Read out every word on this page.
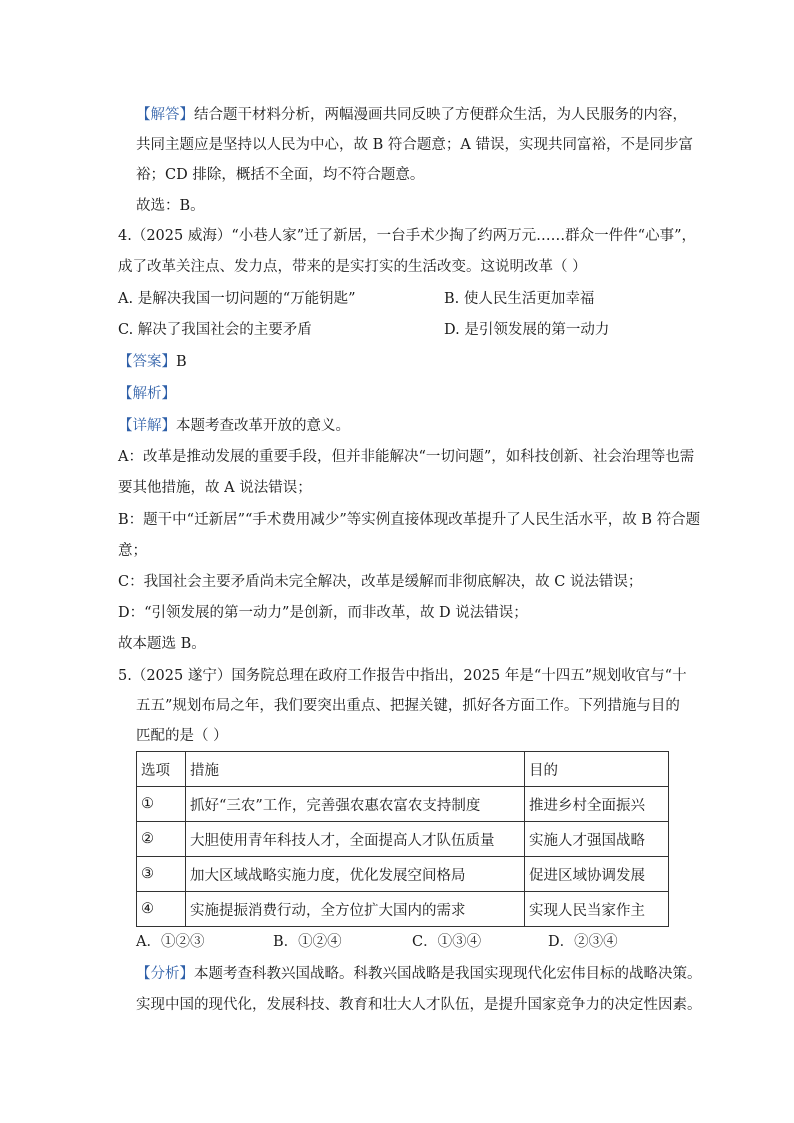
【解答】结合题干材料分析，两幅漫画共同反映了方便群众生活，为人民服务的内容，
共同主题应是坚持以人民为中心，故 B 符合题意；A 错误，实现共同富裕，不是同步富
裕；CD 排除，概括不全面，均不符合题意。
故选：B。
4.（2025 威海）“小巷人家”迁了新居，一台手术少掏了约两万元……群众一件件“心事”，
成了改革关注点、发力点，带来的是实打实的生活改变。这说明改革（ ）
A. 是解决我国一切问题的“万能钥匙”	B. 使人民生活更加幸福
C. 解决了我国社会的主要矛盾	D. 是引领发展的第一动力
【答案】B
【解析】
【详解】本题考查改革开放的意义。
A：改革是推动发展的重要手段，但并非能解决“一切问题”，如科技创新、社会治理等也需
要其他措施，故 A 说法错误；
B：题干中“迁新居”“手术费用减少”等实例直接体现改革提升了人民生活水平，故 B 符合题
意；
C：我国社会主要矛盾尚未完全解决，改革是缓解而非彻底解决，故 C 说法错误；
D：“引领发展的第一动力”是创新，而非改革，故 D 说法错误；
故本题选 B。
5.（2025 遂宁）国务院总理在政府工作报告中指出，2025 年是“十四五”规划收官与“十
五五”规划布局之年，我们要突出重点、把握关键，抓好各方面工作。下列措施与目的
匹配的是（ ）
选项	措施	目的
①	抓好“三农”工作，完善强农惠农富农支持制度	推进乡村全面振兴
②	大胆使用青年科技人才，全面提高人才队伍质量	实施人才强国战略
③	加大区域战略实施力度，优化发展空间格局	促进区域协调发展
④	实施提振消费行动，全方位扩大国内的需求	实现人民当家作主
A．①②③	B．①②④	C．①③④	D．②③④
【分析】本题考查科教兴国战略。科教兴国战略是我国实现现代化宏伟目标的战略决策。
实现中国的现代化，发展科技、教育和壮大人才队伍，是提升国家竞争力的决定性因素。
